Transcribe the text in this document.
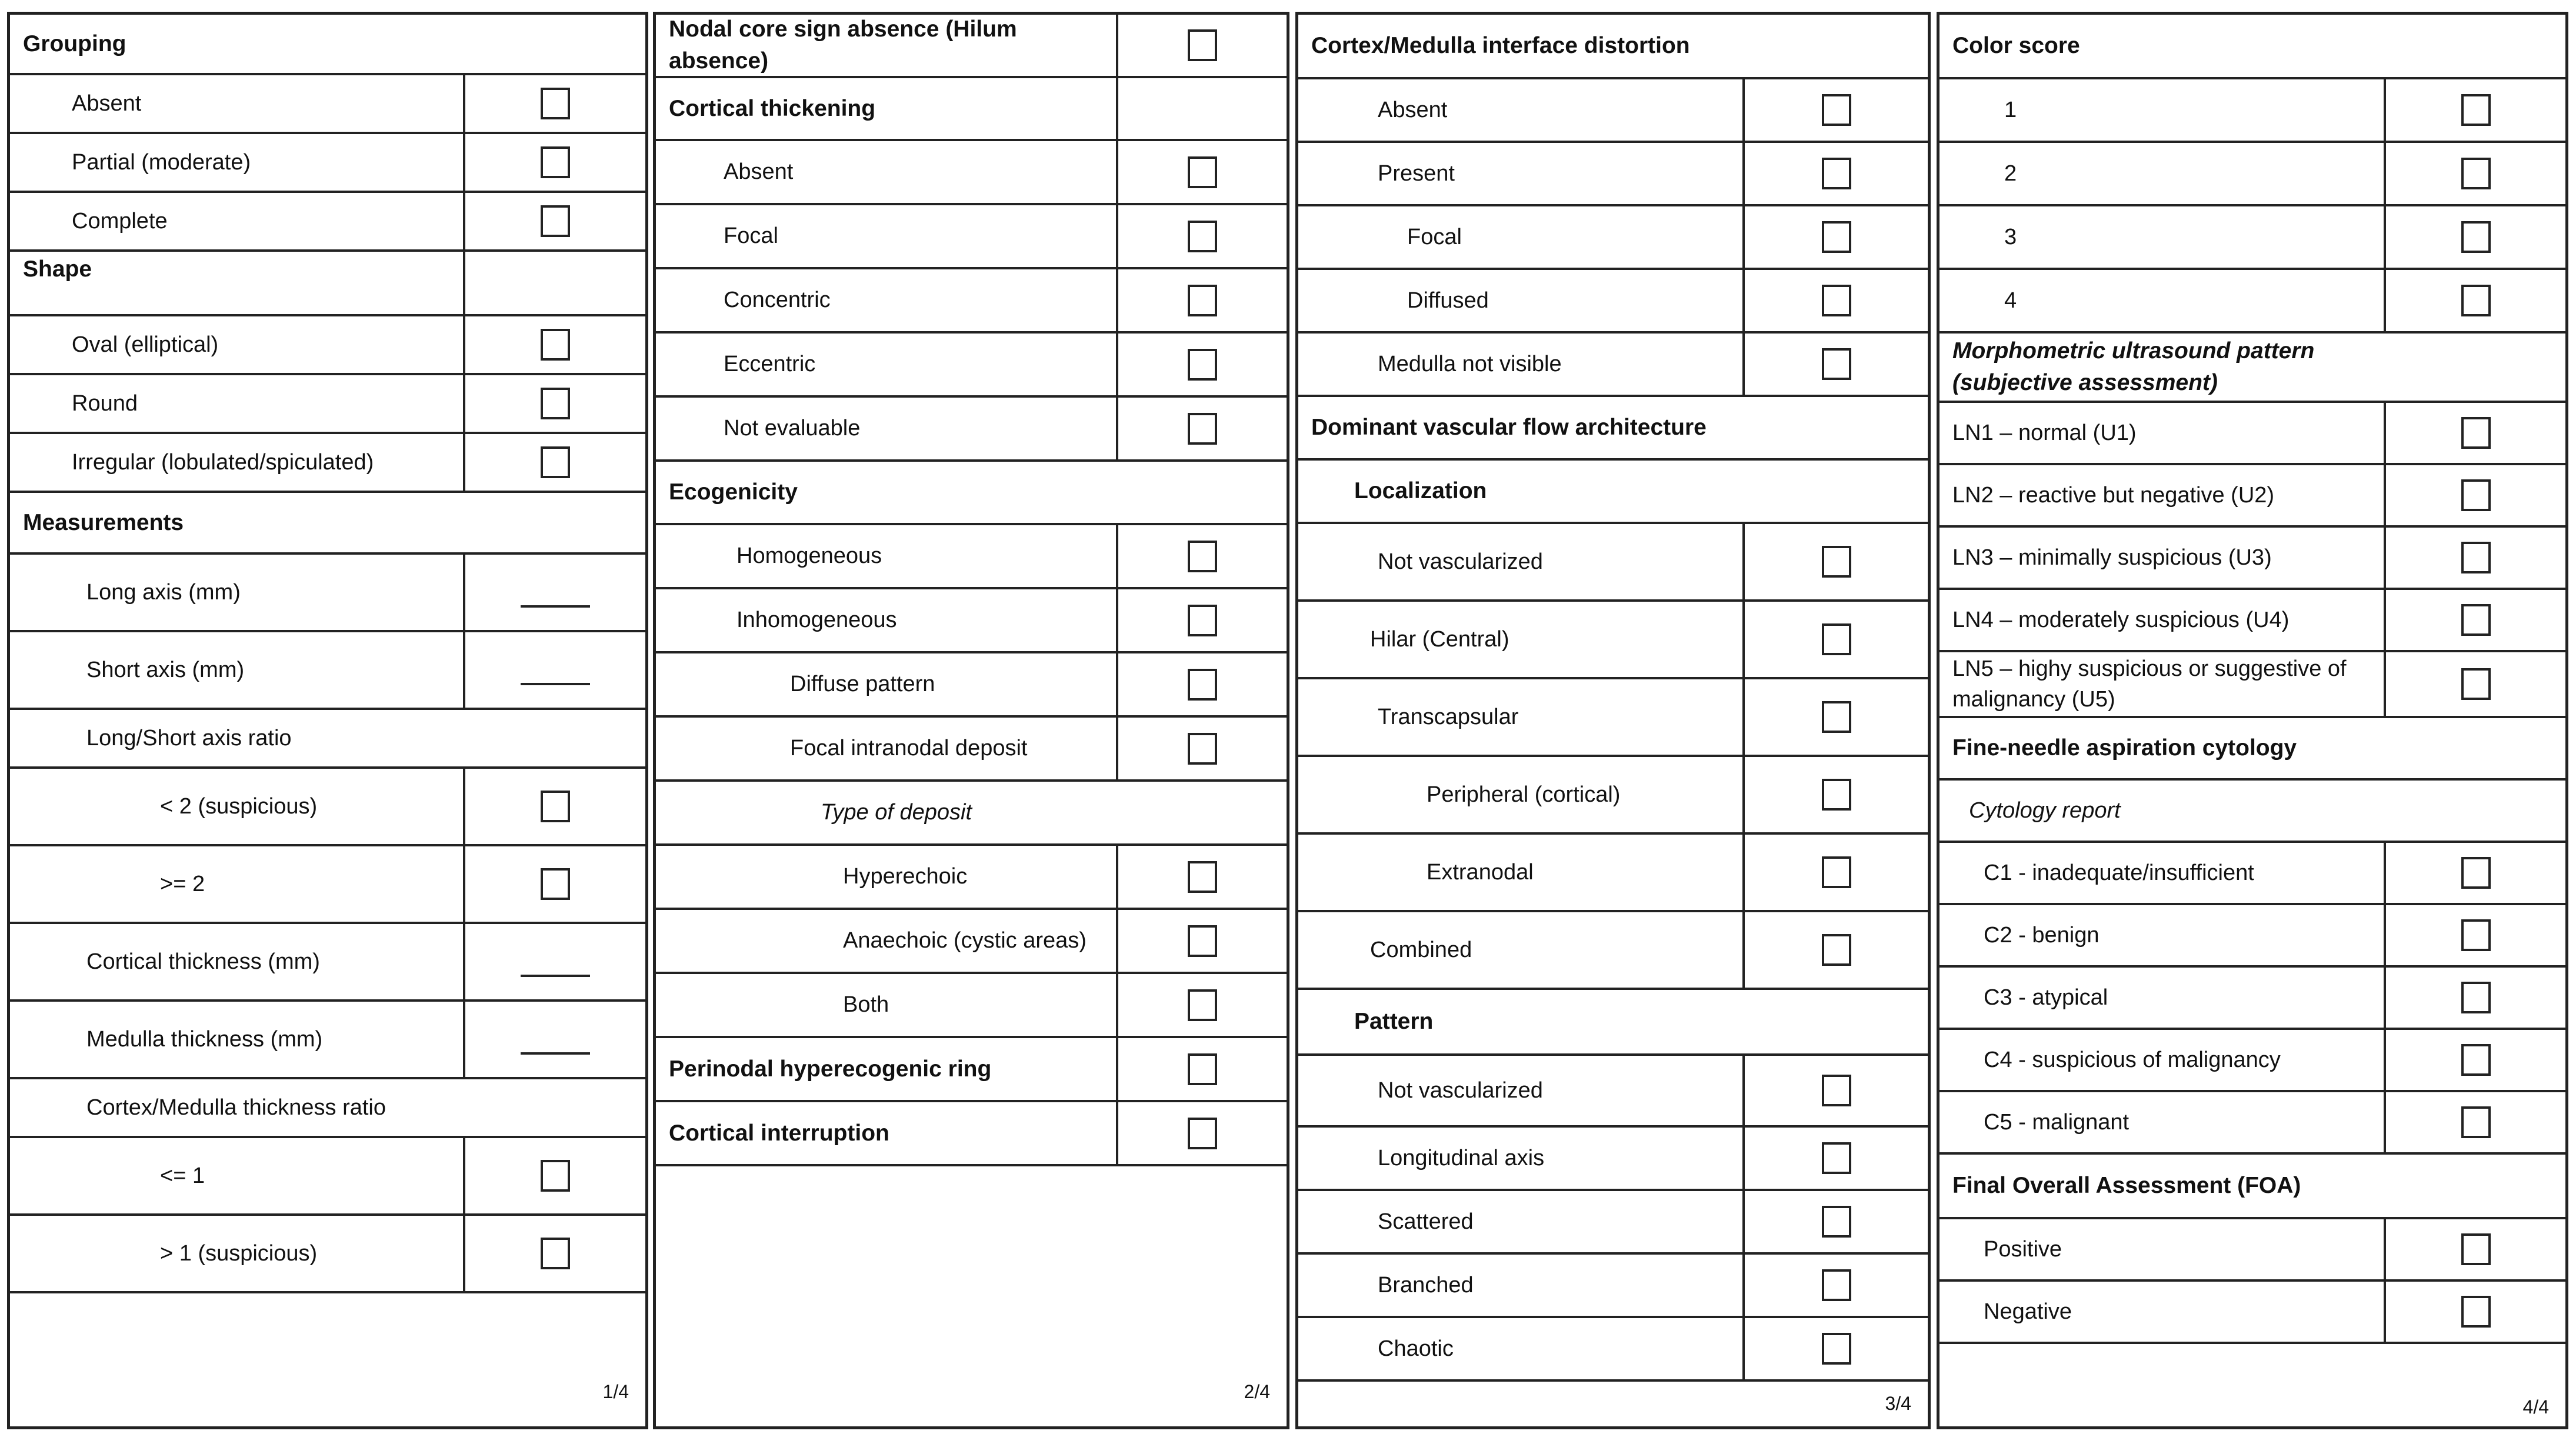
Grouping
Absent
Partial (moderate)
Complete
Shape
Oval (elliptical)
Round
Irregular (lobulated/spiculated)
Measurements
Long axis (mm)
Short axis (mm)
Long/Short axis ratio
< 2 (suspicious)
>= 2
Cortical thickness (mm)
Medulla thickness (mm)
Cortex/Medulla thickness ratio
<= 1
> 1 (suspicious)
1/4
Nodal core sign absence (Hilum absence)
Cortical thickening
Absent
Focal
Concentric
Eccentric
Not evaluable
Ecogenicity
Homogeneous
Inhomogeneous
Diffuse pattern
Focal intranodal deposit
Type of deposit
Hyperechoic
Anaechoic (cystic areas)
Both
Perinodal hyperecogenic ring
Cortical interruption
2/4
Cortex/Medulla interface distortion
Absent
Present
Focal
Diffused
Medulla not visible
Dominant vascular flow architecture
Localization
Not vascularized
Hilar (Central)
Transcapsular
Peripheral (cortical)
Extranodal
Combined
Pattern
Not vascularized
Longitudinal axis
Scattered
Branched
Chaotic
3/4
Color score
1
2
3
4
Morphometric ultrasound pattern (subjective assessment)
LN1 – normal (U1)
LN2 – reactive but negative (U2)
LN3 – minimally suspicious (U3)
LN4 – moderately suspicious (U4)
LN5 – highy suspicious or suggestive of malignancy (U5)
Fine-needle aspiration cytology
Cytology report
C1 - inadequate/insufficient
C2 - benign
C3 - atypical
C4 - suspicious of malignancy
C5 - malignant
Final Overall Assessment (FOA)
Positive
Negative
4/4
